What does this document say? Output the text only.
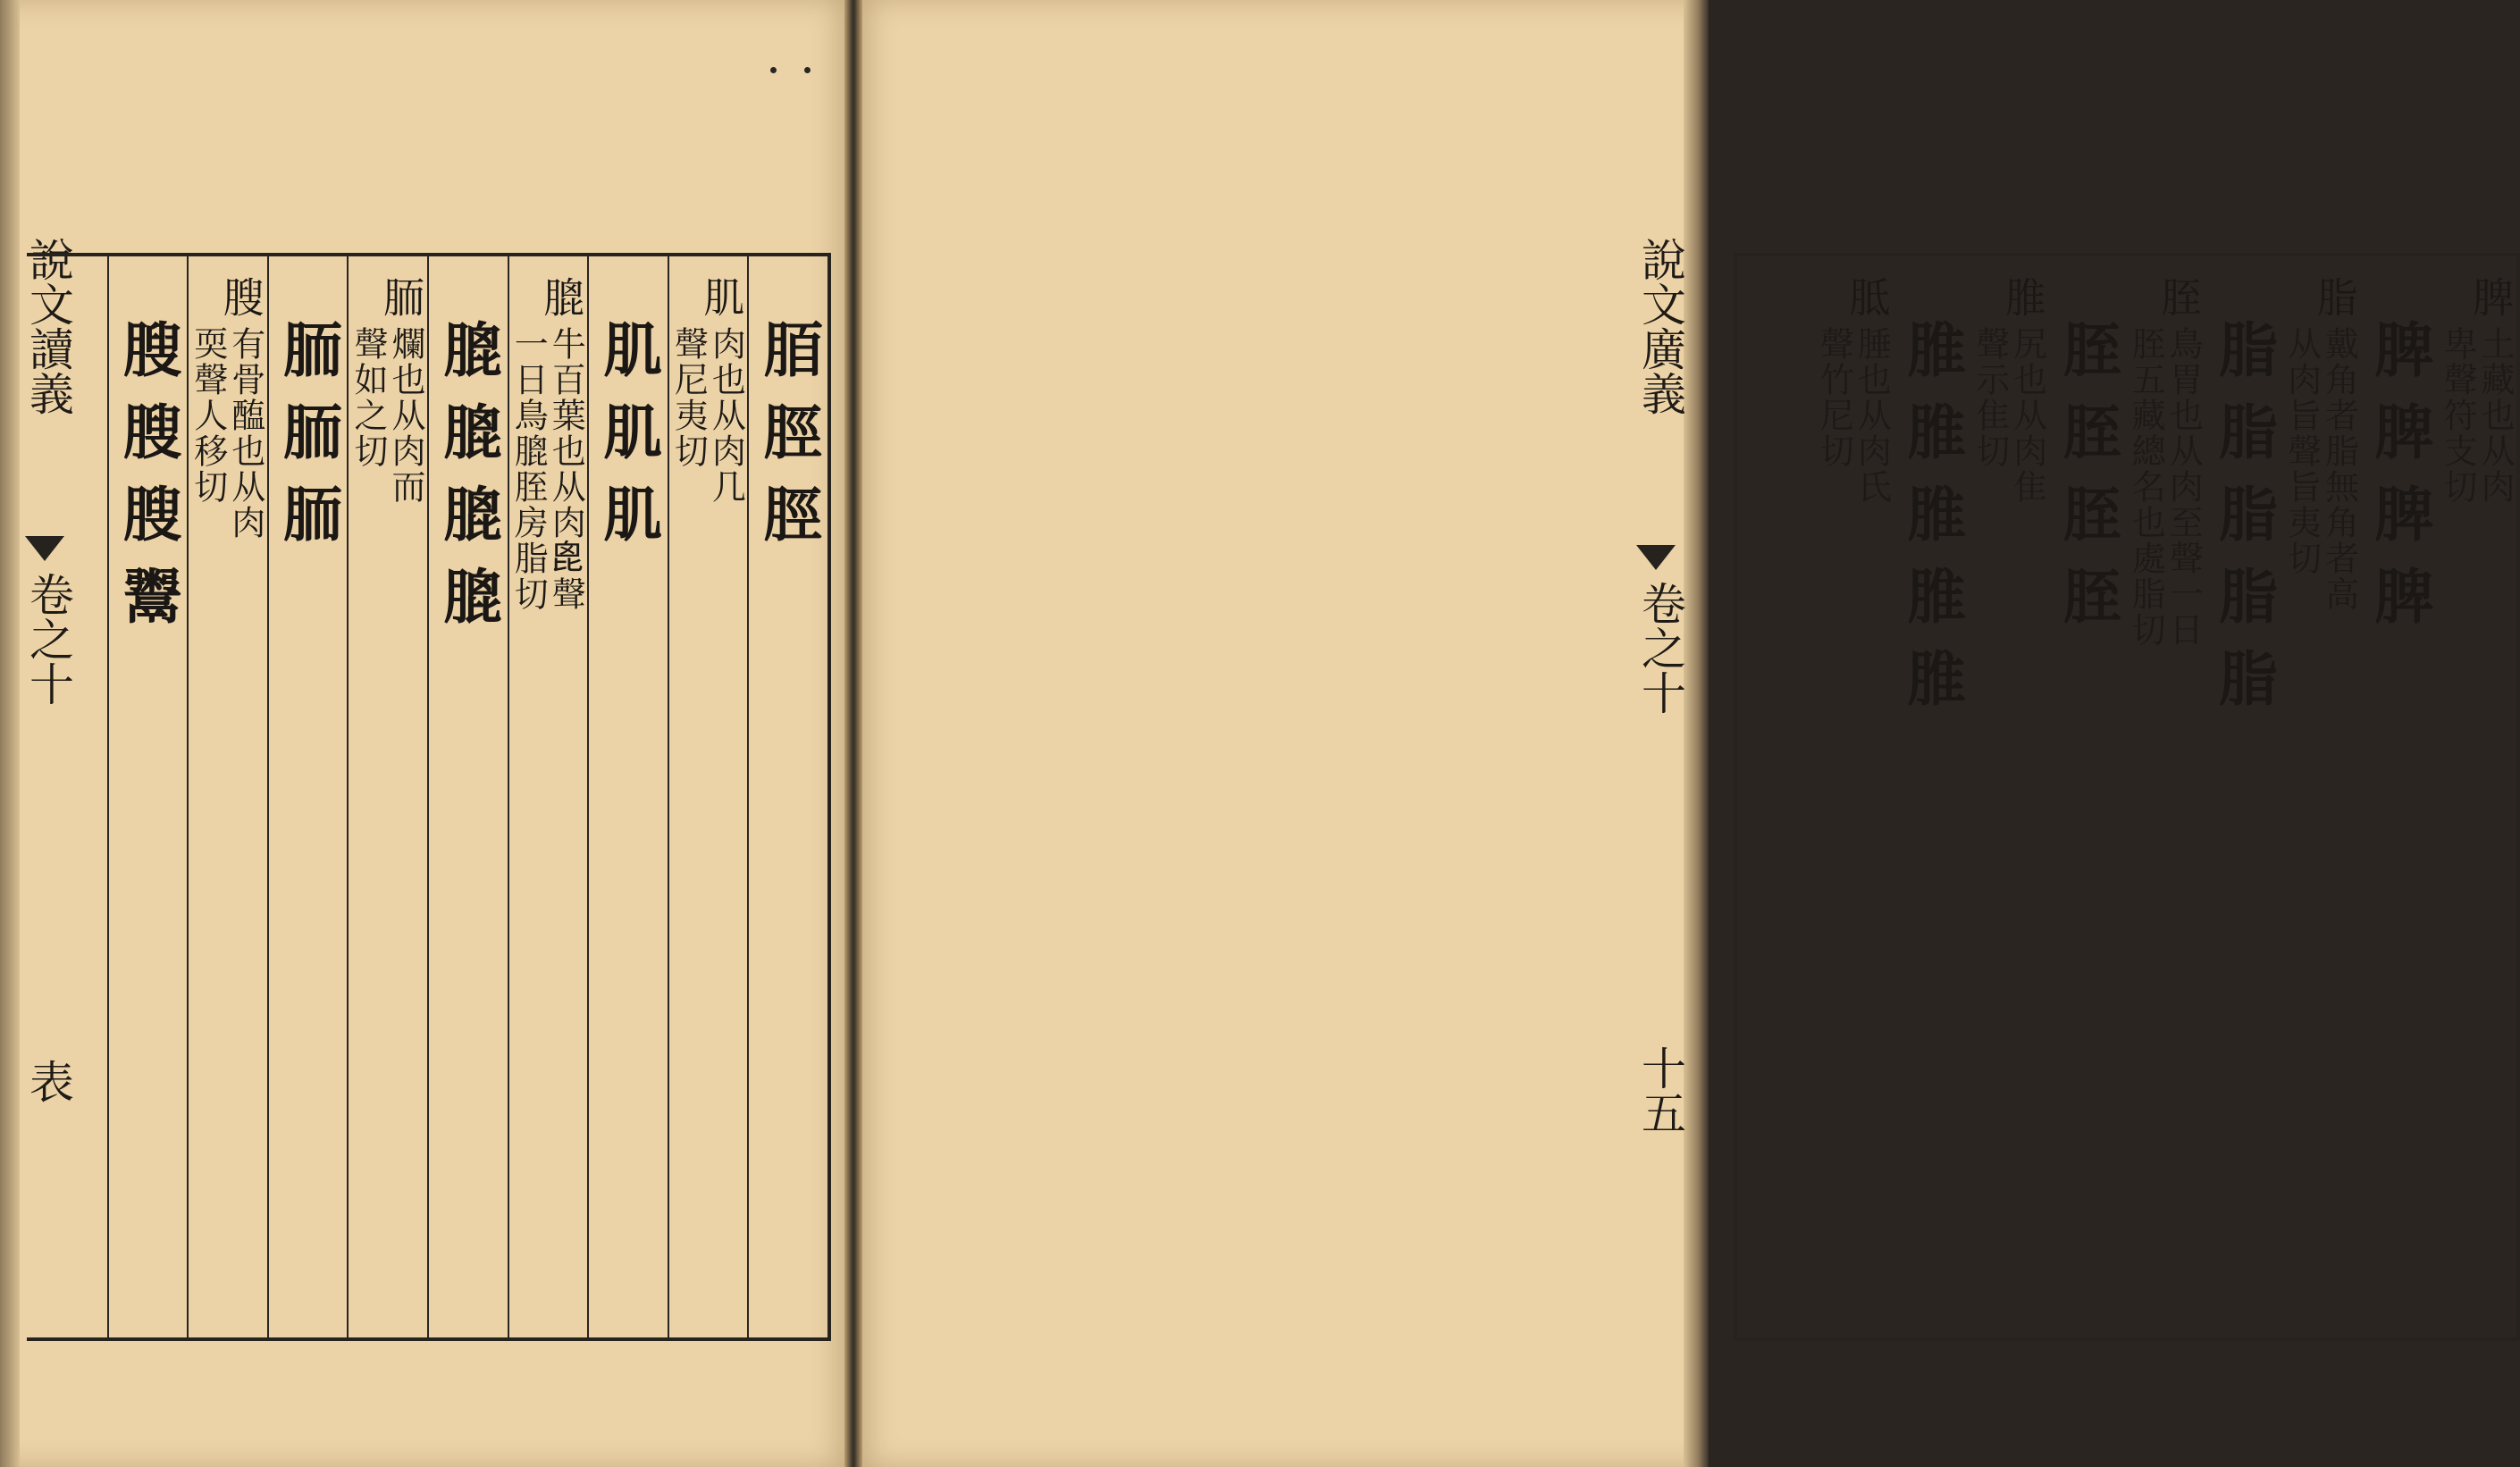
說文讀義
卷之十
表
脜脛脛
肌
肉也从肉几
聲尼夷切
肌肌肌
膍
牛百葉也从肉𣬉聲
一日鳥膍胵房脂切
膍膍膍膍
胹
爛也从肉而
聲如之切
胹胹胹
膄
有骨醢也从肉
耎聲人移切
膄膄膄鬻
脾
土藏也从肉
卑聲符支切
脾脾脾脾
脂
戴角者脂無角者高
从肉旨聲旨夷切
脂脂脂脂脂
胵
鳥胃也从肉至聲一日
胵五藏總名也處脂切
胵胵胵胵
脽
尻也从肉隹
聲示隹切
脽脽脽脽脽
胝
腄也从肉氏
聲竹尼切
說文廣義
卷之十
十五
